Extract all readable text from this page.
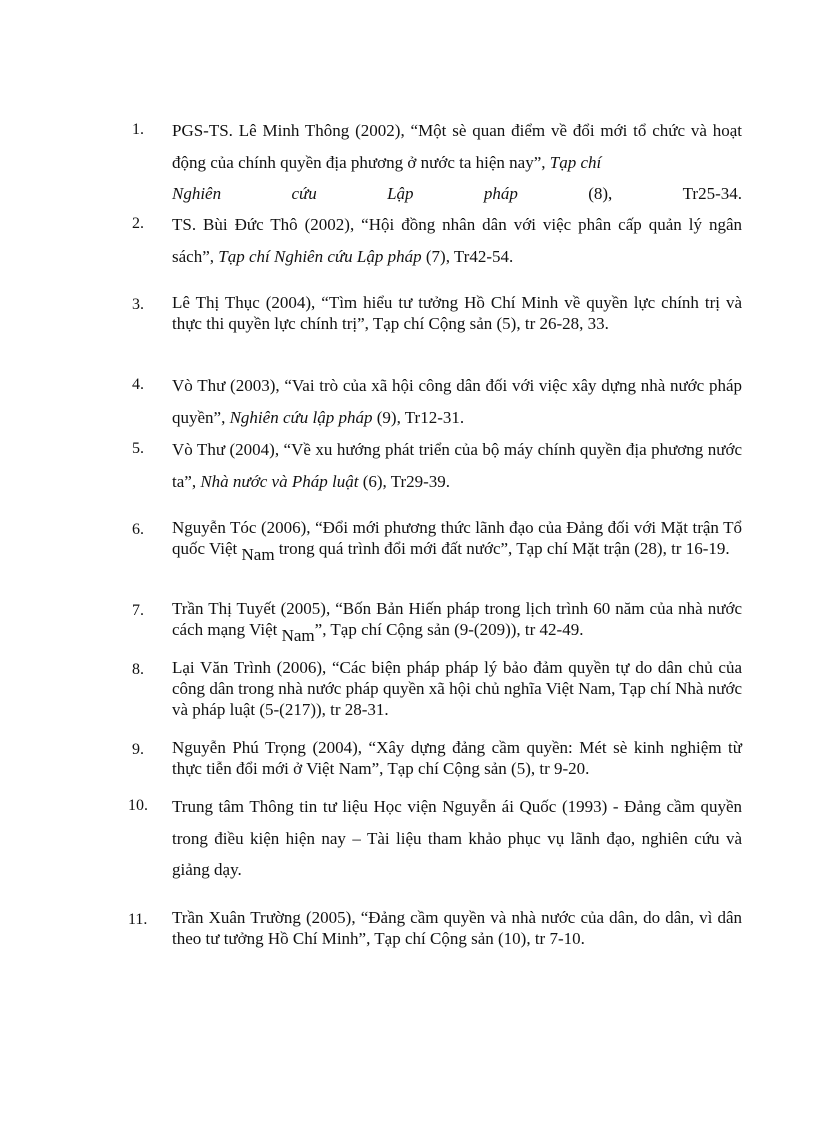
1.	PGS-TS. Lê Minh Thông (2002), “Một sè quan điểm về đổi mới tổ chức và hoạt động của chính quyền địa phương ở nước ta hiện nay”, Tạp chí
Nghiên	cứu	Lập	pháp	(8),	Tr25-34.
2.	TS. Bùi Đức Thô (2002), “Hội đồng nhân dân với việc phân cấp quản lý ngân sách”, Tạp chí Nghiên cứu Lập pháp (7), Tr42-54.
3.	Lê Thị Thục (2004), “Tìm hiểu tư tưởng Hồ Chí Minh về quyền lực chính trị và thực thi quyền lực chính trị”, Tạp chí Cộng sản (5), tr 26-28, 33.
4.	Vò Thư (2003), “Vai trò của xã hội công dân đối với việc xây dựng nhà nước pháp quyền”, Nghiên cứu lập pháp (9), Tr12-31.
5.	Vò Thư (2004), “Về xu hướng phát triển của bộ máy chính quyền địa phương nước ta”, Nhà nước và Pháp luật (6), Tr29-39.
6.	Nguyễn Tóc (2006), “Đổi mới phương thức lãnh đạo của Đảng đối với Mặt trận Tổ quốc Việt Nam trong quá trình đổi mới đất nước”, Tạp chí Mặt trận (28), tr 16-19.
7.	Trần Thị Tuyết (2005), “Bốn Bản Hiến pháp trong lịch trình 60 năm của nhà nước cách mạng Việt Nam”, Tạp chí Cộng sản (9-(209)), tr 42-49.
8.	Lại Văn Trình (2006), “Các biện pháp pháp lý bảo đảm quyền tự do dân chủ của công dân trong nhà nước pháp quyền xã hội chủ nghĩa Việt Nam, Tạp chí Nhà nước và pháp luật (5-(217)), tr 28-31.
9.	Nguyễn Phú Trọng (2004), “Xây dựng đảng cầm quyền: Mét sè kinh nghiệm từ thực tiễn đổi mới ở Việt Nam”, Tạp chí Cộng sản (5), tr 9-20.
10.	Trung tâm Thông tin tư liệu Học viện Nguyễn ái Quốc (1993) - Đảng cầm quyền trong điều kiện hiện nay – Tài liệu tham khảo phục vụ lãnh đạo, nghiên cứu và giảng dạy.
11.	Trần Xuân Trường (2005), “Đảng cầm quyền và nhà nước của dân, do dân, vì dân theo tư tưởng Hồ Chí Minh”, Tạp chí Cộng sản (10), tr 7-10.
